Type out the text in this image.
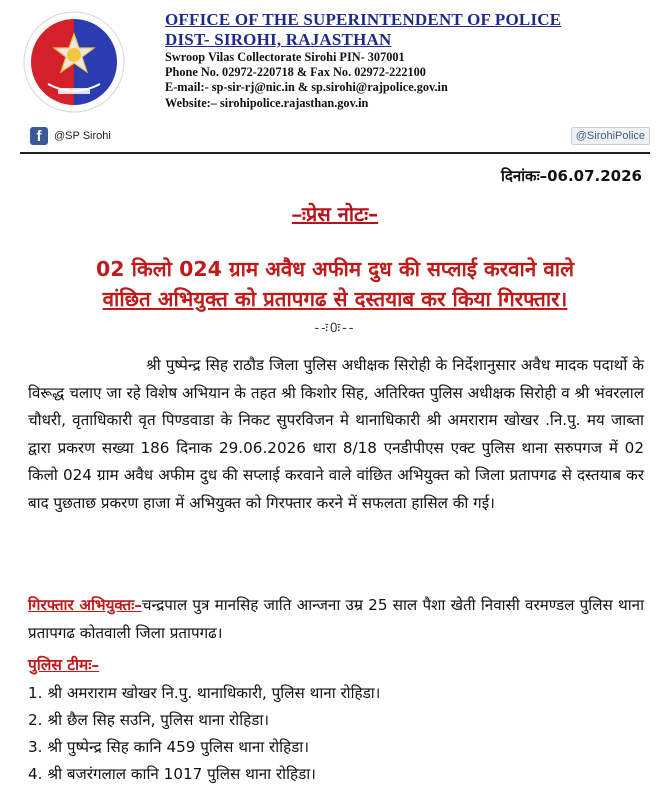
OFFICE OF THE SUPERINTENDENT OF POLICE
DIST- SIROHI, RAJASTHAN
Swroop Vilas Collectorate Sirohi PIN- 307001
Phone No. 02972-220718 & Fax No. 02972-222100
E-mail:- sp-sir-rj@nic.in & sp.sirohi@rajpolice.gov.in
Website:– sirohipolice.rajasthan.gov.in
f	@SP Sirohi	@SirohiPolice
दिनांकः–06.07.2026
–ःप्रेस नोटः–
02 किलो 024 ग्राम अवैध अफीम दुध की सप्लाई करवाने वाले
वांछित अभियुक्त को प्रतापगढ से दस्तयाब कर किया गिरफ्तार।
--ः0ः--
श्री पुष्पेन्द्र सिह राठौड जिला पुलिस अधीक्षक सिरोही के निर्देशानुसार अवैध मादक पदार्थो के विरूद्ध चलाए जा रहे विशेष अभियान के तहत श्री किशोर सिह, अतिरिक्त पुलिस अधीक्षक सिरोही व श्री भंवरलाल चौधरी, वृताधिकारी वृत पिण्डवाडा के निकट सुपरविजन मे थानाधिकारी श्री अमराराम खोखर .नि.पु. मय जाब्ता द्वारा प्रकरण सख्या 186 दिनाक 29.06.2026 धारा 8/18 एनडीपीएस एक्ट पुलिस थाना सरुपगज में 02 किलो 024 ग्राम अवैध अफीम दुध की सप्लाई करवाने वाले वांछित अभियुक्त को जिला प्रतापगढ से दस्तयाब कर बाद पुछताछ प्रकरण हाजा में अभियुक्त को गिरफ्तार करने में सफलता हासिल की गई।
गिरफ्तार अभियुक्तः–चन्द्रपाल पुत्र मानसिह जाति आन्जना उम्र 25 साल पैशा खेती निवासी वरमण्डल पुलिस थाना प्रतापगढ कोतवाली जिला प्रतापगढ।
पुलिस टीमः–
1. श्री अमराराम खोखर नि.पु. थानाधिकारी, पुलिस थाना रोहिडा।
2. श्री छैल सिह सउनि, पुलिस थाना रोहिडा।
3. श्री पुष्पेन्द्र सिह कानि 459 पुलिस थाना रोहिडा।
4. श्री बजरंगलाल कानि 1017 पुलिस थाना रोहिडा।
